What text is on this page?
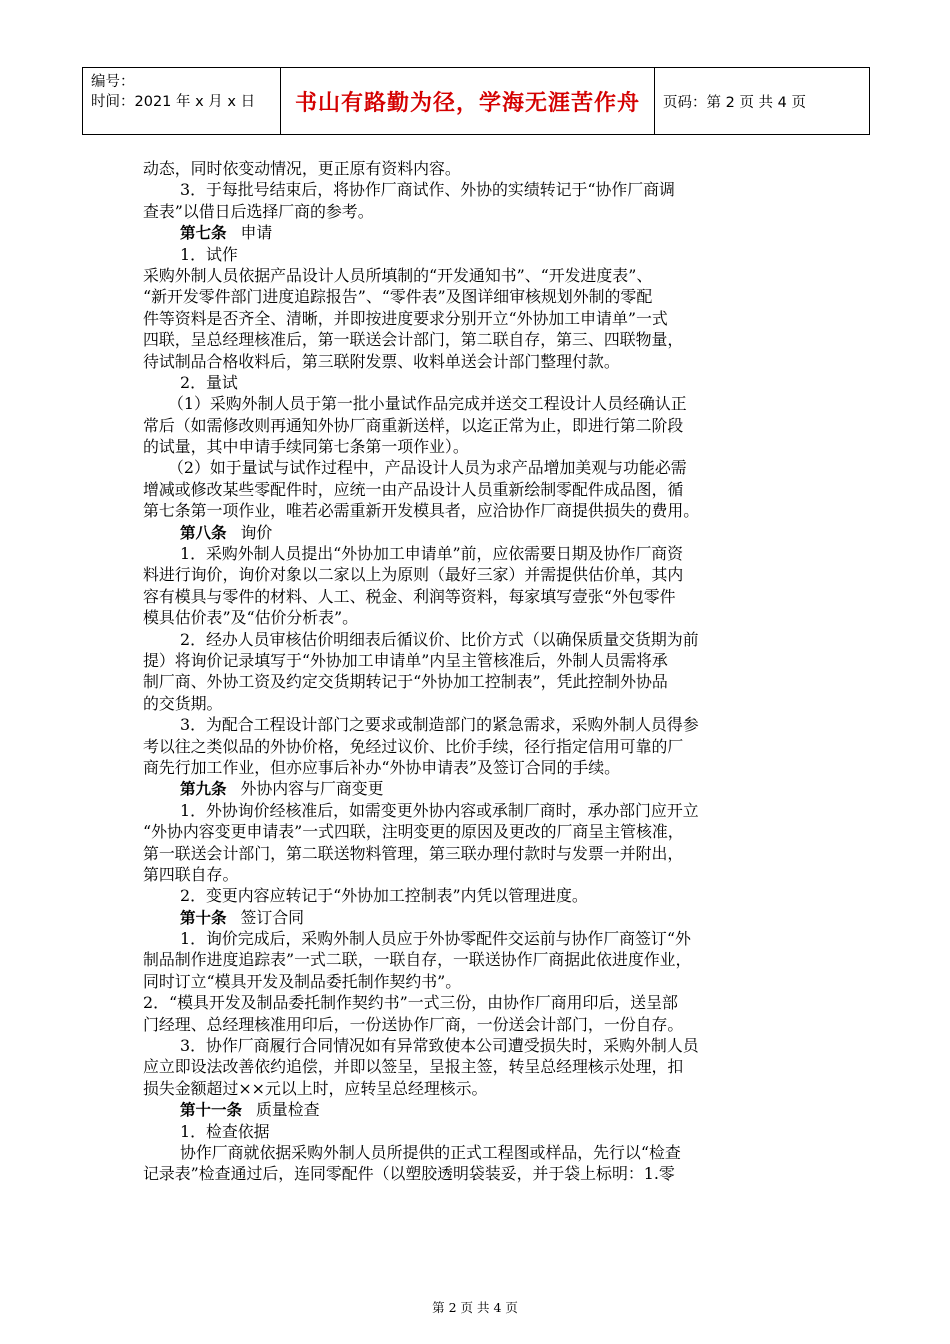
编号：
时间：2021 年 x 月 x 日	书山有路勤为径，学海无涯苦作舟 页码：第 2 页 共 4 页
动态，同时依变动情况，更正原有资料内容。
3．于每批号结束后，将协作厂商试作、外协的实绩转记于“协作厂商调
查表”以借日后选择厂商的参考。
第七条 申请
1．试作
采购外制人员依据产品设计人员所填制的“开发通知书”、“开发进度表”、
“新开发零件部门进度追踪报告”、“零件表”及图详细审核规划外制的零配
件等资料是否齐全、清晰，并即按进度要求分别开立“外协加工申请单”一式
四联，呈总经理核准后，第一联送会计部门，第二联自存，第三、四联物量，
待试制品合格收料后，第三联附发票、收料单送会计部门整理付款。
2．量试
（1）采购外制人员于第一批小量试作品完成并送交工程设计人员经确认正
常后（如需修改则再通知外协厂商重新送样，以迄正常为止，即进行第二阶段
的试量，其中申请手续同第七条第一项作业）。
（2）如于量试与试作过程中，产品设计人员为求产品增加美观与功能必需
增减或修改某些零配件时，应统一由产品设计人员重新绘制零配件成品图，循
第七条第一项作业，唯若必需重新开发模具者，应洽协作厂商提供损失的费用。
第八条 询价
1．采购外制人员提出“外协加工申请单”前，应依需要日期及协作厂商资
料进行询价，询价对象以二家以上为原则（最好三家）并需提供估价单，其内
容有模具与零件的材料、人工、税金、利润等资料，每家填写壹张“外包零件
模具估价表”及“估价分析表”。
2．经办人员审核估价明细表后循议价、比价方式（以确保质量交货期为前
提）将询价记录填写于“外协加工申请单”内呈主管核准后，外制人员需将承
制厂商、外协工资及约定交货期转记于“外协加工控制表”，凭此控制外协品
的交货期。
3．为配合工程设计部门之要求或制造部门的紧急需求，采购外制人员得参
考以往之类似品的外协价格，免经过议价、比价手续，径行指定信用可靠的厂
商先行加工作业，但亦应事后补办“外协申请表”及签订合同的手续。
第九条 外协内容与厂商变更
1．外协询价经核准后，如需变更外协内容或承制厂商时，承办部门应开立
“外协内容变更申请表”一式四联，注明变更的原因及更改的厂商呈主管核准，
第一联送会计部门，第二联送物料管理，第三联办理付款时与发票一并附出，
第四联自存。
2．变更内容应转记于“外协加工控制表”内凭以管理进度。
第十条 签订合同
1．询价完成后，采购外制人员应于外协零配件交运前与协作厂商签订“外
制品制作进度追踪表”一式二联，一联自存，一联送协作厂商据此依进度作业，
同时订立“模具开发及制品委托制作契约书”。
2．“模具开发及制品委托制作契约书”一式三份，由协作厂商用印后，送呈部
门经理、总经理核准用印后，一份送协作厂商，一份送会计部门，一份自存。
3．协作厂商履行合同情况如有异常致使本公司遭受损失时，采购外制人员
应立即设法改善依约追偿，并即以签呈，呈报主签，转呈总经理核示处理，扣
损失金额超过××元以上时，应转呈总经理核示。
第十一条 质量检查
1．检查依据
协作厂商就依据采购外制人员所提供的正式工程图或样品，先行以“检查
记录表”检查通过后，连同零配件（以塑胶透明袋装妥，并于袋上标明：1.零
第 2 页 共 4 页
